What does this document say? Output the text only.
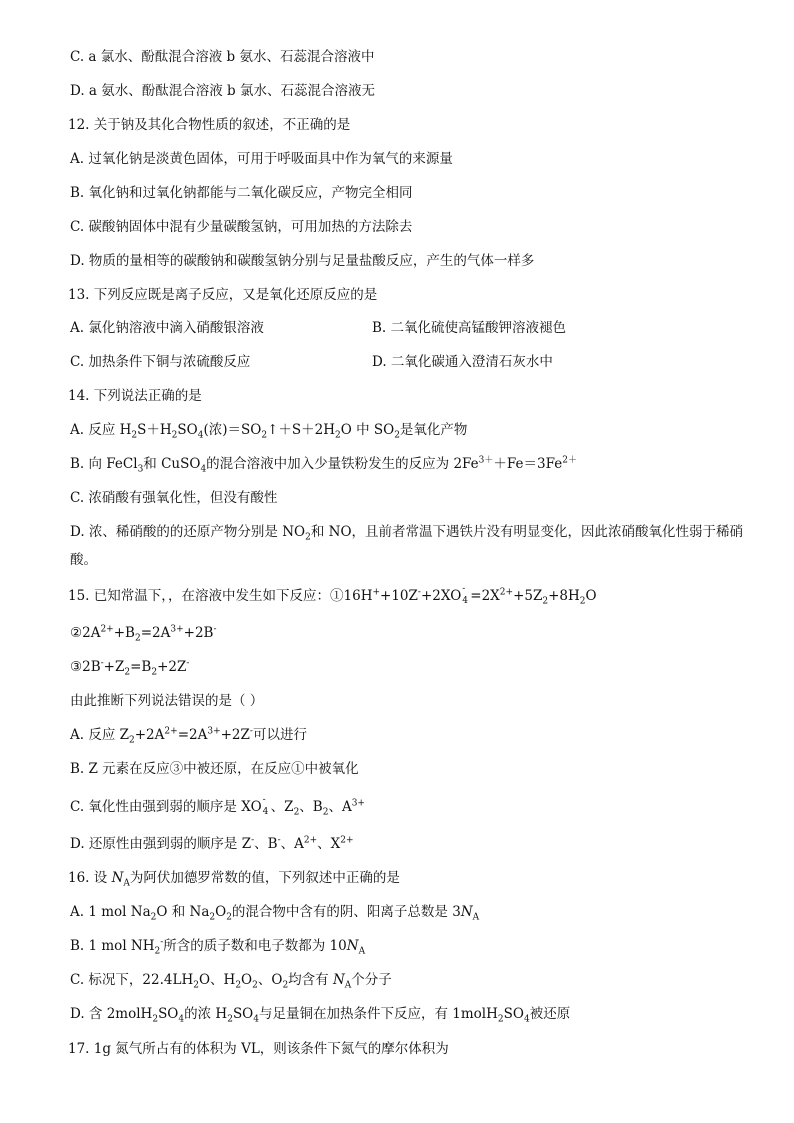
C. a 氯水、酚酞混合溶液 b 氨水、石蕊混合溶液中
D. a 氨水、酚酞混合溶液 b 氯水、石蕊混合溶液无
12. 关于钠及其化合物性质的叙述，不正确的是
A. 过氧化钠是淡黄色固体，可用于呼吸面具中作为氧气的来源量
B. 氧化钠和过氧化钠都能与二氧化碳反应，产物完全相同
C. 碳酸钠固体中混有少量碳酸氢钠，可用加热的方法除去
D. 物质的量相等的碳酸钠和碳酸氢钠分别与足量盐酸反应，产生的气体一样多
13. 下列反应既是离子反应，又是氧化还原反应的是
A. 氯化钠溶液中滴入硝酸银溶液	B. 二氧化硫使高锰酸钾溶液褪色
C. 加热条件下铜与浓硫酸反应	D. 二氧化碳通入澄清石灰水中
14. 下列说法正确的是
A. 反应 $H_2S+H_2SO_4$(浓)$=SO_2↑+S+2H_2O$ 中 $SO_2$是氧化产物
B. 向 FeCl$_3$和 CuSO$_4$的混合溶液中加入少量铁粉发生的反应为 $2Fe^{3+}+Fe=3Fe^{2+}$
C. 浓硝酸有强氧化性，但没有酸性
D. 浓、稀硝酸的的还原产物分别是 $NO_2$和 NO，且前者常温下遇铁片没有明显变化，因此浓硝酸氧化性弱于稀硝酸。
15. 已知常温下，，在溶液中发生如下反应：①16H++10Z-+2XO -
$4 =2X^{2+}+5Z_2+8H_2O$
$②2A^{2+}+B_2=2A^{3+}+2B^-$
$③2B^-+Z_2=B_2+2Z^-$
由此推断下列说法错误的是（ ）
A. 反应 $Z_2+2A^{2+}=2A^{3+}+2Z^-$可以进行
B. Z 元素在反应③中被还原，在反应①中被氧化
C. 氧化性由强到弱的顺序是 XO -
4 、$Z_2$、$B_2$、$A^{3+}$
D. 还原性由强到弱的顺序是 Z-、B-、$A^{2+}$、$X^{2+}$
16. 设 $N_A$为阿伏加德罗常数的值，下列叙述中正确的是
A. 1 mol $Na_2O$ 和 $Na_2O_2$的混合物中含有的阴、阳离子总数是 $3N_A$
B. 1 mol $NH_2^-$所含的质子数和电子数都为 $10N_A$
C. 标况下，$22.4LH_2O$、$H_2O_2$、$O_2$均含有 $N_A$个分子
D. 含 $2molH_2SO_4$的浓 $H_2SO_4$与足量铜在加热条件下反应，有 $1molH_2SO_4$被还原
17. 1g 氮气所占有的体积为 VL，则该条件下氮气的摩尔体积为
